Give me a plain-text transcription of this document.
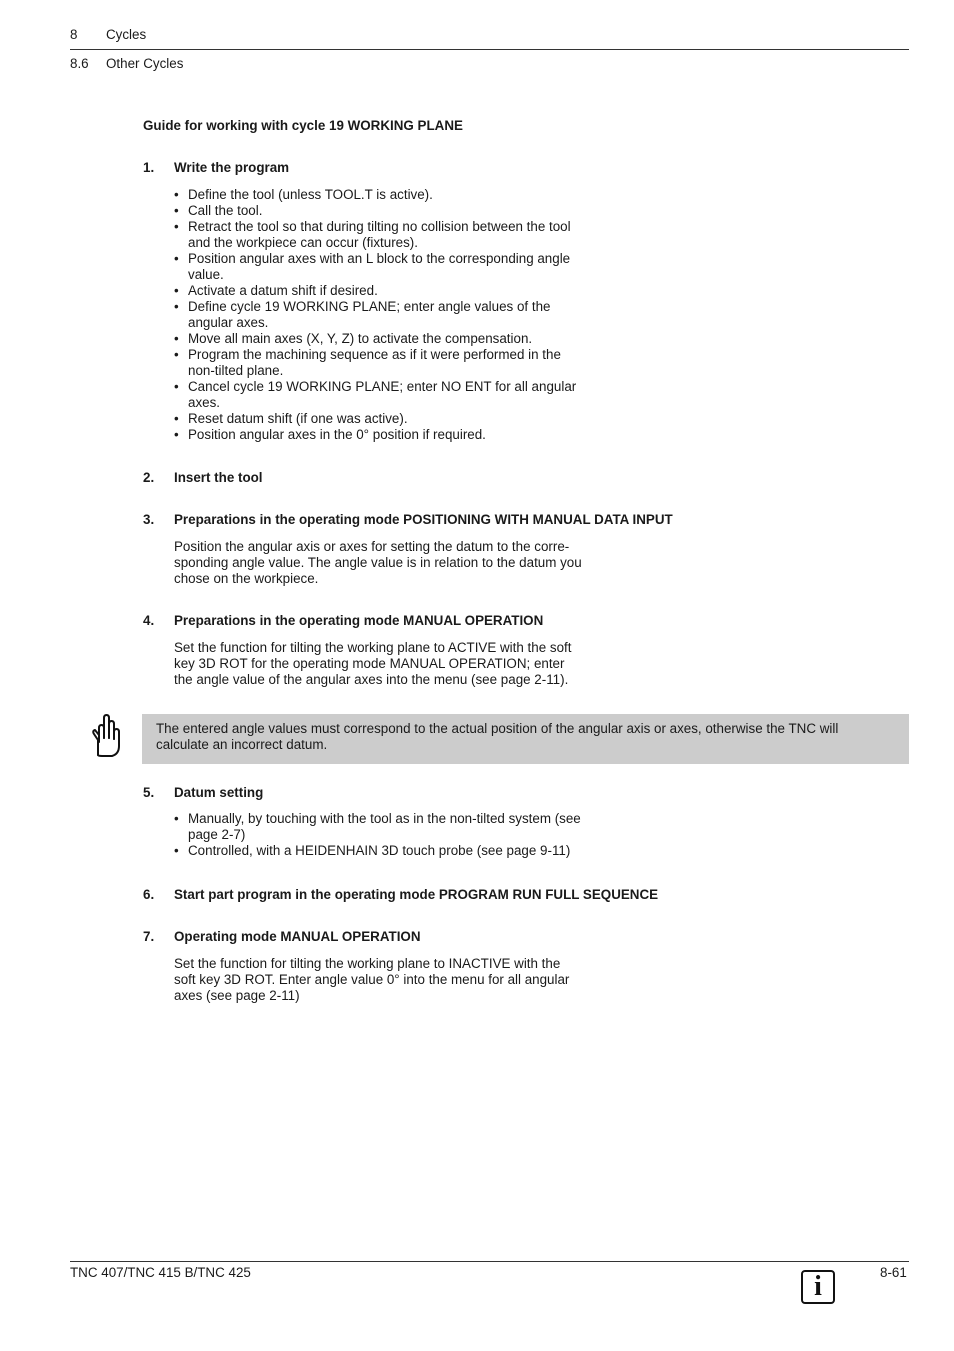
8 Cycles
8.6 Other Cycles
Guide for working with cycle 19 WORKING PLANE
1. Write the program
• Define the tool (unless TOOL.T is active).
• Call the tool.
• Retract the tool so that during tilting no collision between the tool
and the workpiece can occur (fixtures).
• Position angular axes with an L block to the corresponding angle
value.
• Activate a datum shift if desired.
• Define cycle 19 WORKING PLANE; enter angle values of the
angular axes.
• Move all main axes (X, Y, Z) to activate the compensation.
• Program the machining sequence as if it were performed in the
non-tilted plane.
• Cancel cycle 19 WORKING PLANE; enter NO ENT for all angular
axes.
• Reset datum shift (if one was active).
• Position angular axes in the 0° position if required.
2. Insert the tool
3. Preparations in the operating mode POSITIONING WITH MANUAL DATA INPUT
Position the angular axis or axes for setting the datum to the corre-
sponding angle value. The angle value is in relation to the datum you
chose on the workpiece.
4. Preparations in the operating mode MANUAL OPERATION
Set the function for tilting the working plane to ACTIVE with the soft
key 3D ROT for the operating mode MANUAL OPERATION; enter
the angle value of the angular axes into the menu (see page 2-11).
The entered angle values must correspond to the actual position of the angular axis or axes, otherwise the TNC will
calculate an incorrect datum.
5. Datum setting
• Manually, by touching with the tool as in the non-tilted system (see
page 2-7)
• Controlled, with a HEIDENHAIN 3D touch probe (see page 9-11)
6. Start part program in the operating mode PROGRAM RUN FULL SEQUENCE
7. Operating mode MANUAL OPERATION
Set the function for tilting the working plane to INACTIVE with the
soft key 3D ROT. Enter angle value 0° into the menu for all angular
axes (see page 2-11)
TNC 407/TNC 415 B/TNC 425	8-61
i
